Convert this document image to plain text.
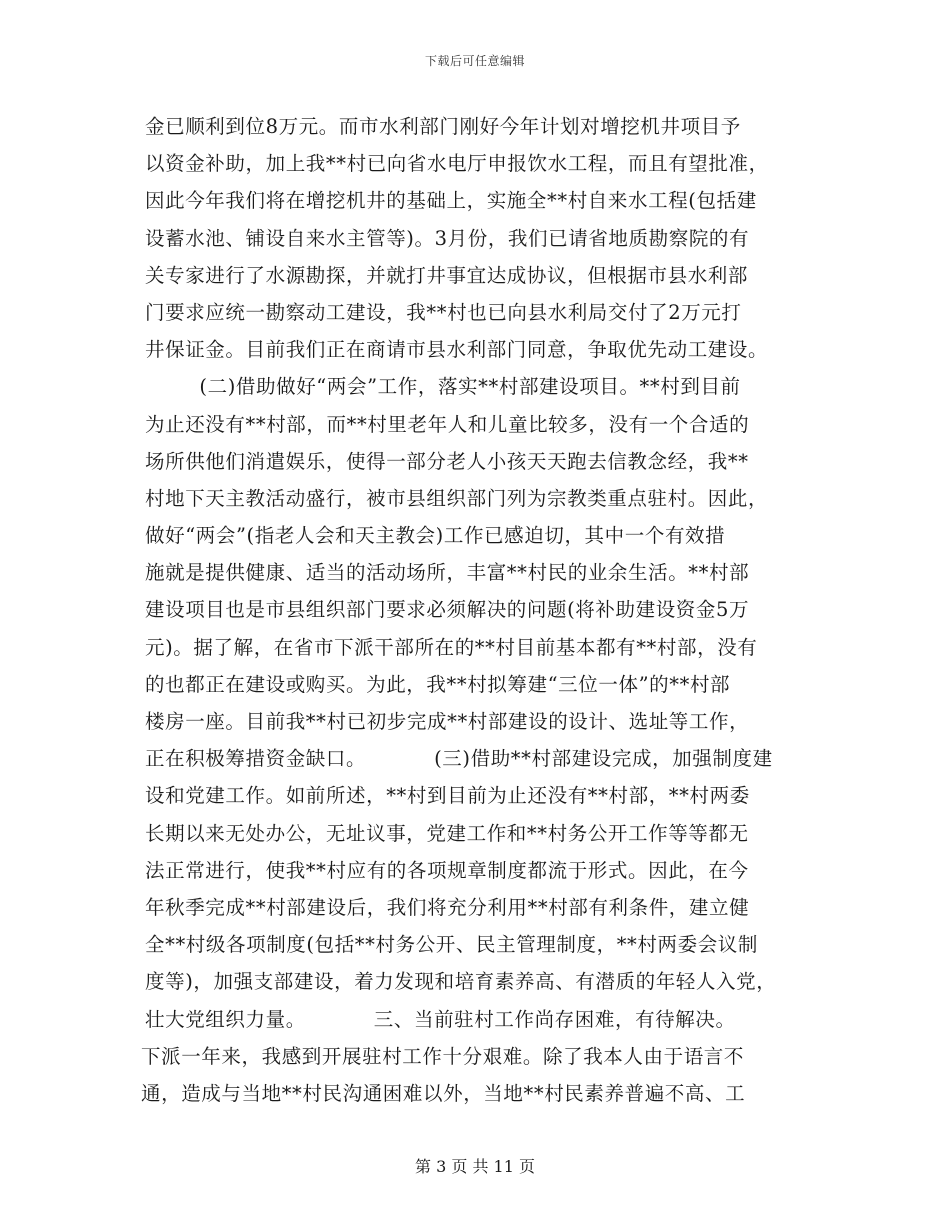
下载后可任意编辑
金已顺利到位8万元。而市水利部门刚好今年计划对增挖机井项目予
以资金补助，加上我**村已向省水电厅申报饮水工程，而且有望批准，
因此今年我们将在增挖机井的基础上，实施全**村自来水工程(包括建
设蓄水池、铺设自来水主管等)。3月份，我们已请省地质勘察院的有
关专家进行了水源勘探，并就打井事宜达成协议，但根据市县水利部
门要求应统一勘察动工建设，我**村也已向县水利局交付了2万元打
井保证金。目前我们正在商请市县水利部门同意，争取优先动工建设。
(二)借助做好“两会”工作，落实**村部建设项目。**村到目前
为止还没有**村部，而**村里老年人和儿童比较多，没有一个合适的
场所供他们消遣娱乐，使得一部分老人小孩天天跑去信教念经，我**
村地下天主教活动盛行，被市县组织部门列为宗教类重点驻村。因此，
做好“两会”(指老人会和天主教会)工作已感迫切，其中一个有效措
施就是提供健康、适当的活动场所，丰富**村民的业余生活。**村部
建设项目也是市县组织部门要求必须解决的问题(将补助建设资金5万
元)。据了解，在省市下派干部所在的**村目前基本都有**村部，没有
的也都正在建设或购买。为此，我**村拟筹建“三位一体”的**村部
楼房一座。目前我**村已初步完成**村部建设的设计、选址等工作，
正在积极筹措资金缺口。          (三)借助**村部建设完成，加强制度建
设和党建工作。如前所述，**村到目前为止还没有**村部，**村两委
长期以来无处办公，无址议事，党建工作和**村务公开工作等等都无
法正常进行，使我**村应有的各项规章制度都流于形式。因此，在今
年秋季完成**村部建设后，我们将充分利用**村部有利条件，建立健
全**村级各项制度(包括**村务公开、民主管理制度，**村两委会议制
度等)，加强支部建设，着力发现和培育素养高、有潜质的年轻人入党，
壮大党组织力量。          三、当前驻村工作尚存困难，有待解决。
下派一年来，我感到开展驻村工作十分艰难。除了我本人由于语言不
通，造成与当地**村民沟通困难以外，当地**村民素养普遍不高、工
第 3 页 共 11 页
